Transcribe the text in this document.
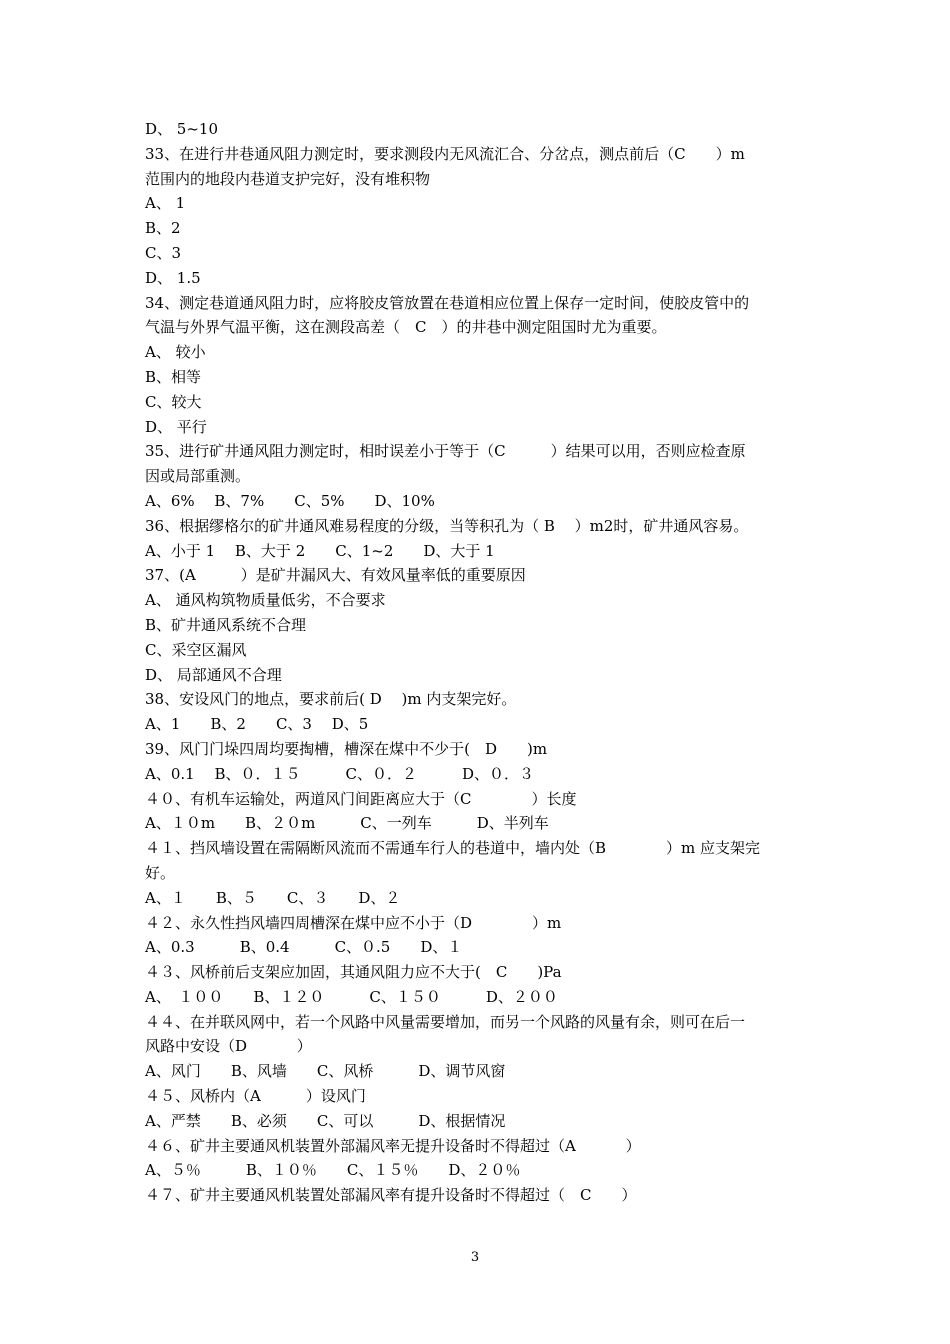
D、 5~10
33、在进行井巷通风阻力测定时，要求测段内无风流汇合、分岔点，测点前后（C　　）m
范围内的地段内巷道支护完好，没有堆积物
A、 1
B、2
C、3
D、 1.5
34、测定巷道通风阻力时，应将胶皮管放置在巷道相应位置上保存一定时间，使胶皮管中的
气温与外界气温平衡，这在测段高差（　C　）的井巷中测定阻国时尤为重要。
A、 较小
B、相等
C、较大
D、 平行
35、进行矿井通风阻力测定时，相时误差小于等于（C　　　）结果可以用，否则应检查原
因或局部重测。
A、6%　 B、7%　　C、5%　　D、10%
36、根据缪格尔的矿井通风难易程度的分级，当等积孔为（ B　 ）m2时，矿井通风容易。
A、小于 1　 B、大于 2　　C、1~2　　D、大于 1
37、(A　　　）是矿井漏风大、有效风量率低的重要原因
A、 通风构筑物质量低劣，不合要求
B、矿井通风系统不合理
C、采空区漏风
D、 局部通风不合理
38、安设风门的地点，要求前后( D　 )m 内支架完好。
A、1　　B、2　　C、3　 D、5
39、风门门垛四周均要掏槽，槽深在煤中不少于(　D　　)m
A、0.1　 B、０．１５　　　C、０．２　　　D、０．３
４０、有机车运输处，两道风门间距离应大于（C　　　　）长度
A、１０m　　B、２０m　　　C、一列车　　　D、半列车
４１、挡风墙设置在需隔断风流而不需通车行人的巷道中，墙内处（B　　　　）m 应支架完
好。
A、１　　B、５　　C、３　　D、２
４２、永久性挡风墙四周槽深在煤中应不小于（D　　　　）m
A、0.3　　　B、0.4　　　C、０.5　　D、１
４３、风桥前后支架应加固，其通风阻力应不大于(　C　　)Pa
A、　１００　　B、１２０　　　C、１５０　　　D、２００
４４、在并联风网中，若一个风路中风量需要增加，而另一个风路的风量有余，则可在后一
风路中安设（D　　　 ）
A、风门　　B、风墙　　C、风桥　　　D、调节风窗
４５、风桥内（A　　　）设风门
A、严禁　　B、必须　　C、可以　　　D、根据情况
４６、矿井主要通风机装置外部漏风率无提升设备时不得超过（A　　　 ）
A、５％　　　B、１０％　　C、１５％　　D、２０％
４７、矿井主要通风机装置处部漏风率有提升设备时不得超过（　C　　）
3
